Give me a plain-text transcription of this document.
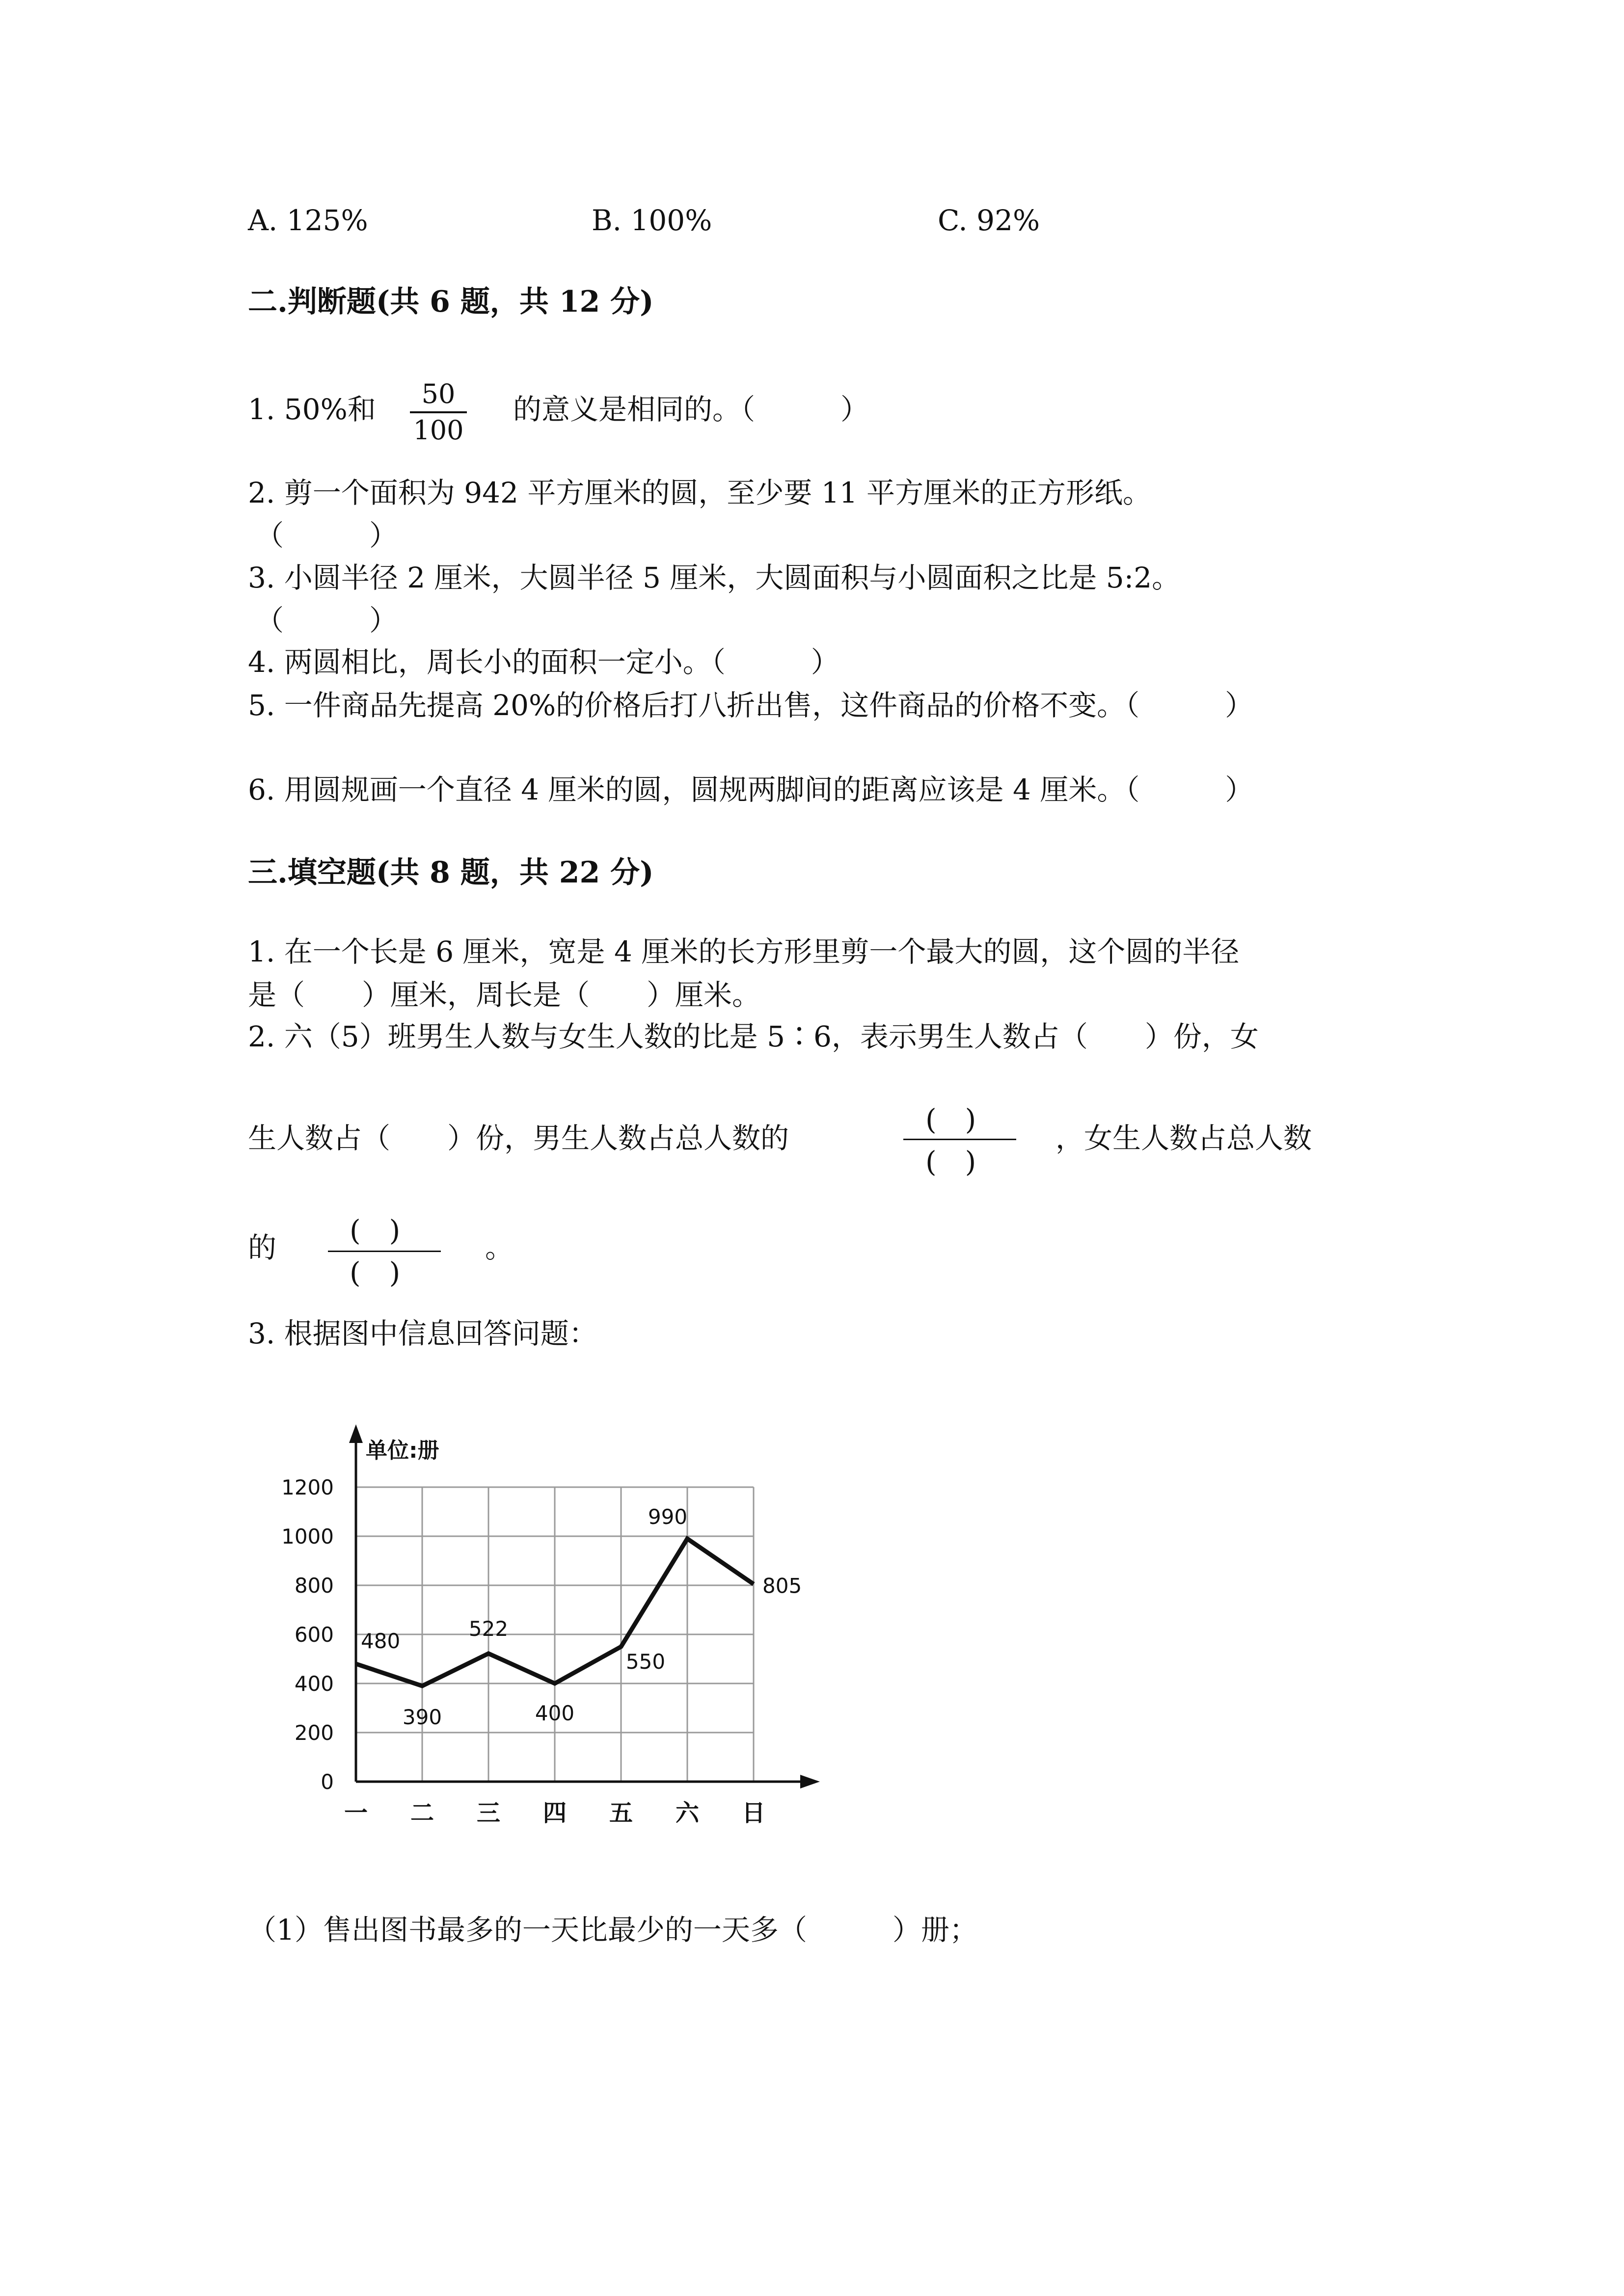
A. 125%	B. 100%	C. 92%
二.判断题(共 6 题，共 12 分)
1. 50%和	50
100
的意义是相同的。（　　　）
2. 剪一个面积为 942 平方厘米的圆，至少要 11 平方厘米的正方形纸。
（　　　）
3. 小圆半径 2 厘米，大圆半径 5 厘米，大圆面积与小圆面积之比是 5:2。
（　　　）
4. 两圆相比，周长小的面积一定小。（　　　）
5. 一件商品先提高 20%的价格后打八折出售，这件商品的价格不变。（　　　）
6. 用圆规画一个直径 4 厘米的圆，圆规两脚间的距离应该是 4 厘米。（　　　）
三.填空题(共 8 题，共 22 分)
1. 在一个长是 6 厘米，宽是 4 厘米的长方形里剪一个最大的圆，这个圆的半径
是（　　）厘米，周长是（　　）厘米。
2. 六（5）班男生人数与女生人数的比是 5∶6，表示男生人数占（　　）份，女
生人数占（　　）份，男生人数占总人数的
(　)
(　)
，女生人数占总人数
的
(　)
(　)
。
3. 根据图中信息回答问题：
0
200
400
600
800
1000
1200
一 二 三 四 五 六 日
480
390
522
400
550
990
805
单位:册
（1）售出图书最多的一天比最少的一天多（　　　）册；
